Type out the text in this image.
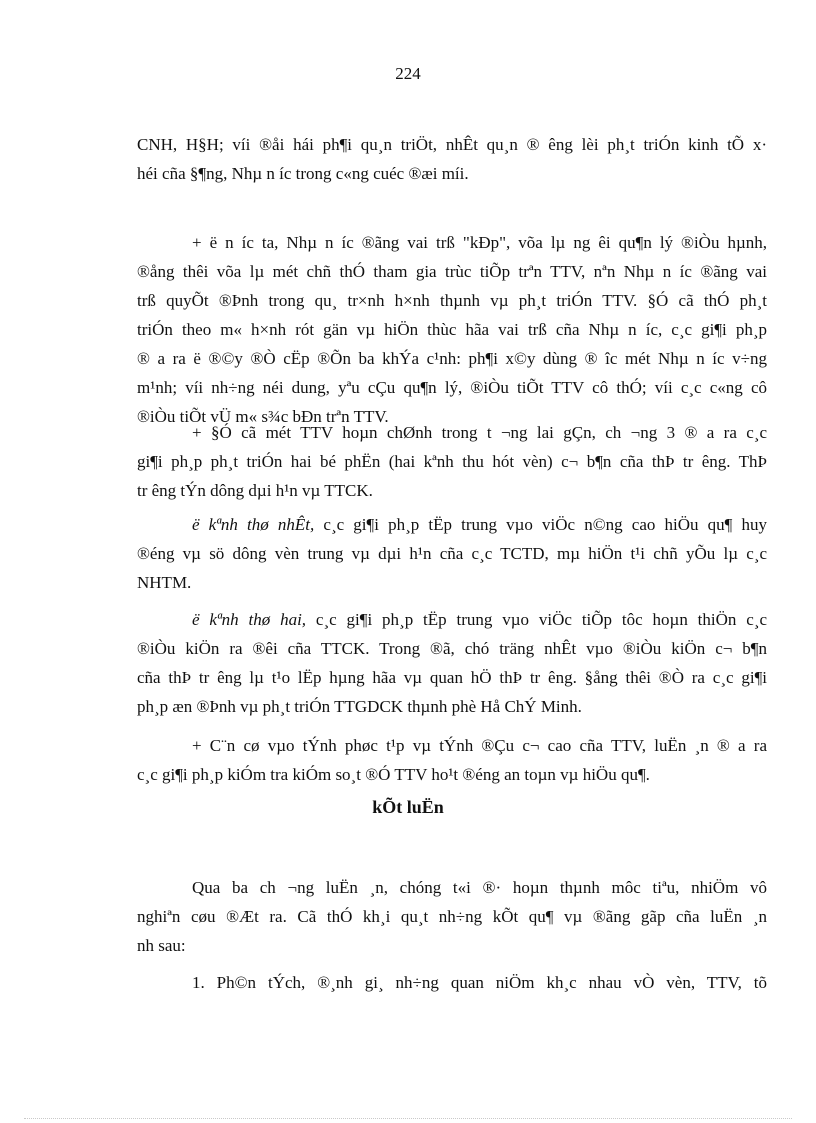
224

CNH, H§H; víi ®åi hái ph¶i qu¸n triÖt, nhÊt qu¸n ® êng lèi ph¸t triÓn kinh tÕ x·
héi cña §¶ng, Nhµ n íc trong c«ng cuéc ®æi míi.

+ ë n íc ta, Nhµ n íc ®ãng vai trß "kÐp", võa lµ ng êi qu¶n lý ®iÒu hµnh,
®ång thêi võa lµ mét chñ thÓ tham gia trùc tiÕp trªn TTV, nªn Nhµ n íc ®ãng vai
trß quyÕt ®Þnh trong qu¸ tr×nh h×nh thµnh vµ ph¸t triÓn TTV. §Ó cã thÓ ph¸t
triÓn theo m« h×nh rót gän vµ hiÖn thùc hãa vai trß cña Nhµ n íc, c¸c gi¶i ph¸p
® a ra ë ®©y ®Ò cËp ®Õn ba khÝa c¹nh: ph¶i x©y dùng ® îc mét Nhµ n íc v÷ng
m¹nh; víi nh÷ng néi dung, yªu cÇu qu¶n lý, ®iÒu tiÕt TTV cô thÓ; víi c¸c c«ng cô
®iÒu tiÕt vÜ m« s¾c bÐn trªn TTV.

+ §Ó cã mét TTV hoµn chØnh trong t ¬ng lai gÇn, ch ¬ng 3 ® a ra c¸c
gi¶i ph¸p ph¸t triÓn hai bé phËn (hai kªnh thu hót vèn) c¬ b¶n cña thÞ tr êng. ThÞ
tr êng tÝn dông dµi h¹n vµ TTCK.

ë kªnh thø nhÊt, c¸c gi¶i ph¸p tËp trung vµo viÖc n©ng cao hiÖu qu¶ huy
®éng vµ sö dông vèn trung vµ dµi h¹n cña c¸c TCTD, mµ hiÖn t¹i chñ yÕu lµ c¸c
NHTM.

ë kªnh thø hai, c¸c gi¶i ph¸p tËp trung vµo viÖc tiÕp tôc hoµn thiÖn c¸c
®iÒu kiÖn ra ®êi cña TTCK. Trong ®ã, chó träng nhÊt vµo ®iÒu kiÖn c¬ b¶n
cña thÞ tr êng lµ t¹o lËp hµng hãa vµ quan hÖ thÞ tr êng. §ång thêi ®Ò ra c¸c gi¶i
ph¸p æn ®Þnh vµ ph¸t triÓn TTGDCK thµnh phè Hå ChÝ Minh.

+ C¨n cø vµo tÝnh phøc t¹p vµ tÝnh ®Çu c¬ cao cña TTV, luËn ¸n ® a ra
c¸c gi¶i ph¸p kiÓm tra kiÓm so¸t ®Ó TTV ho¹t ®éng an toµn vµ hiÖu qu¶.

kÕt luËn

Qua ba ch ¬ng luËn ¸n, chóng t«i ®· hoµn thµnh môc tiªu, nhiÖm vô
nghiªn cøu ®Æt ra. Cã thÓ kh¸i qu¸t nh÷ng kÕt qu¶ vµ ®ãng gãp cña luËn ¸n
nh sau:

1. Ph©n tÝch, ®¸nh gi¸ nh÷ng quan niÖm kh¸c nhau vÒ vèn, TTV, tõ
